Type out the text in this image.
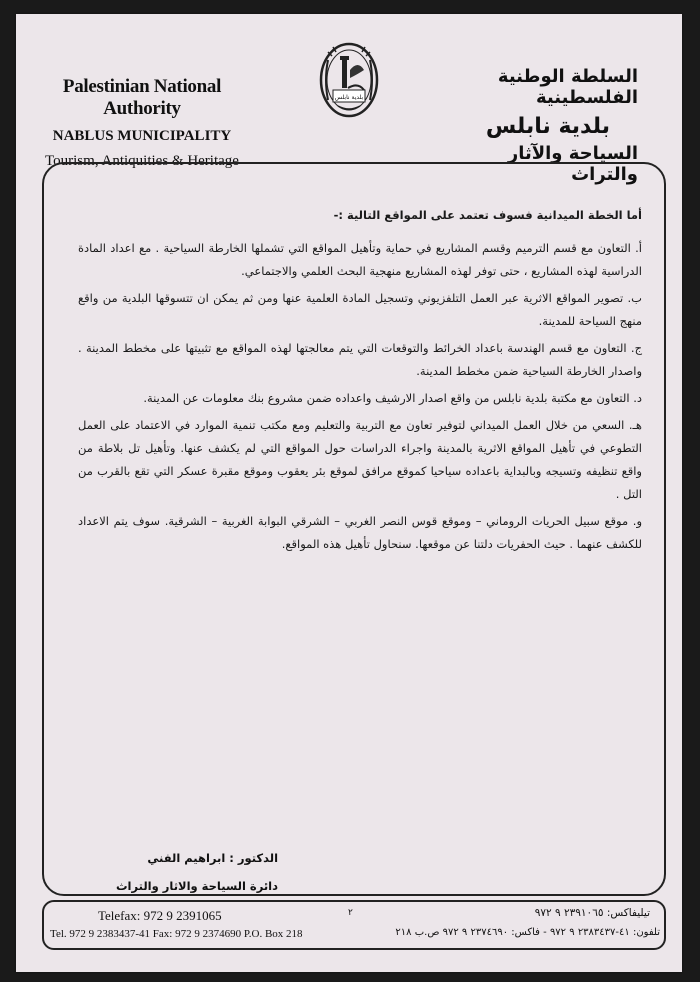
Palestinian National Authority
NABLUS MUNICIPALITY
Tourism, Antiquities & Heritage
بلدية نابلس
السلطة الوطنية الفلسطينية
بلدية نابلس
السياحة والآثار والتراث

أما الخطة الميدانية فسوف تعتمد على المواقع التالية :-

أ. التعاون مع قسم الترميم وقسم المشاريع في حماية وتأهيل المواقع التي تشملها الخارطة السياحية . مع اعداد المادة الدراسية لهذه المشاريع ، حتى توفر لهذه المشاريع منهجية البحث العلمي والاجتماعي.

ب. تصوير المواقع الاثرية عبر العمل التلفزيوني وتسجيل المادة العلمية عنها ومن ثم يمكن ان تتسوقها البلدية من واقع منهج السياحة للمدينة.

ج. التعاون مع قسم الهندسة باعداد الخرائط والتوقعات التي يتم معالجتها لهذه المواقع مع تثبيتها على مخطط المدينة . واصدار الخارطة السياحية ضمن مخطط المدينة.

د. التعاون مع مكتبة بلدية نابلس من واقع اصدار الارشيف واعداده ضمن مشروع بنك معلومات عن المدينة.

هـ. السعي من خلال العمل الميداني لتوفير تعاون مع التربية والتعليم ومع مكتب تنمية الموارد في الاعتماد على العمل التطوعي في تأهيل المواقع الاثرية بالمدينة واجراء الدراسات حول المواقع التي لم يكشف عنها. وتأهيل تل بلاطة من واقع تنظيفه وتسيجه وبالبداية باعداده سياحيا كموقع مرافق لموقع بئر يعقوب وموقع مقبرة عسكر التي تقع بالقرب من التل .

و. موقع سبيل الحريات الروماني – وموقع قوس النصر الغربي – الشرقي البوابة الغربية – الشرقية. سوف يتم الاعداد للكشف عنهما . حيث الحفريات دلتنا عن موقعها. سنحاول تأهيل هذه المواقع.

الدكتور : ابراهيم الفني
دائرة السياحة والاثار والتراث
Telefax: 972 9 2391065
Tel. 972 9 2383437-41 Fax: 972 9 2374690 P.O. Box 218
٢	تيليفاكس: ٢٣٩١٠٦٥ ٩ ٩٧٢
تلفون: ٤١-٢٣٨٣٤٣٧ ٩ ٩٧٢ - فاكس: ٢٣٧٤٦٩٠ ٩ ٩٧٢ ص.ب ٢١٨
